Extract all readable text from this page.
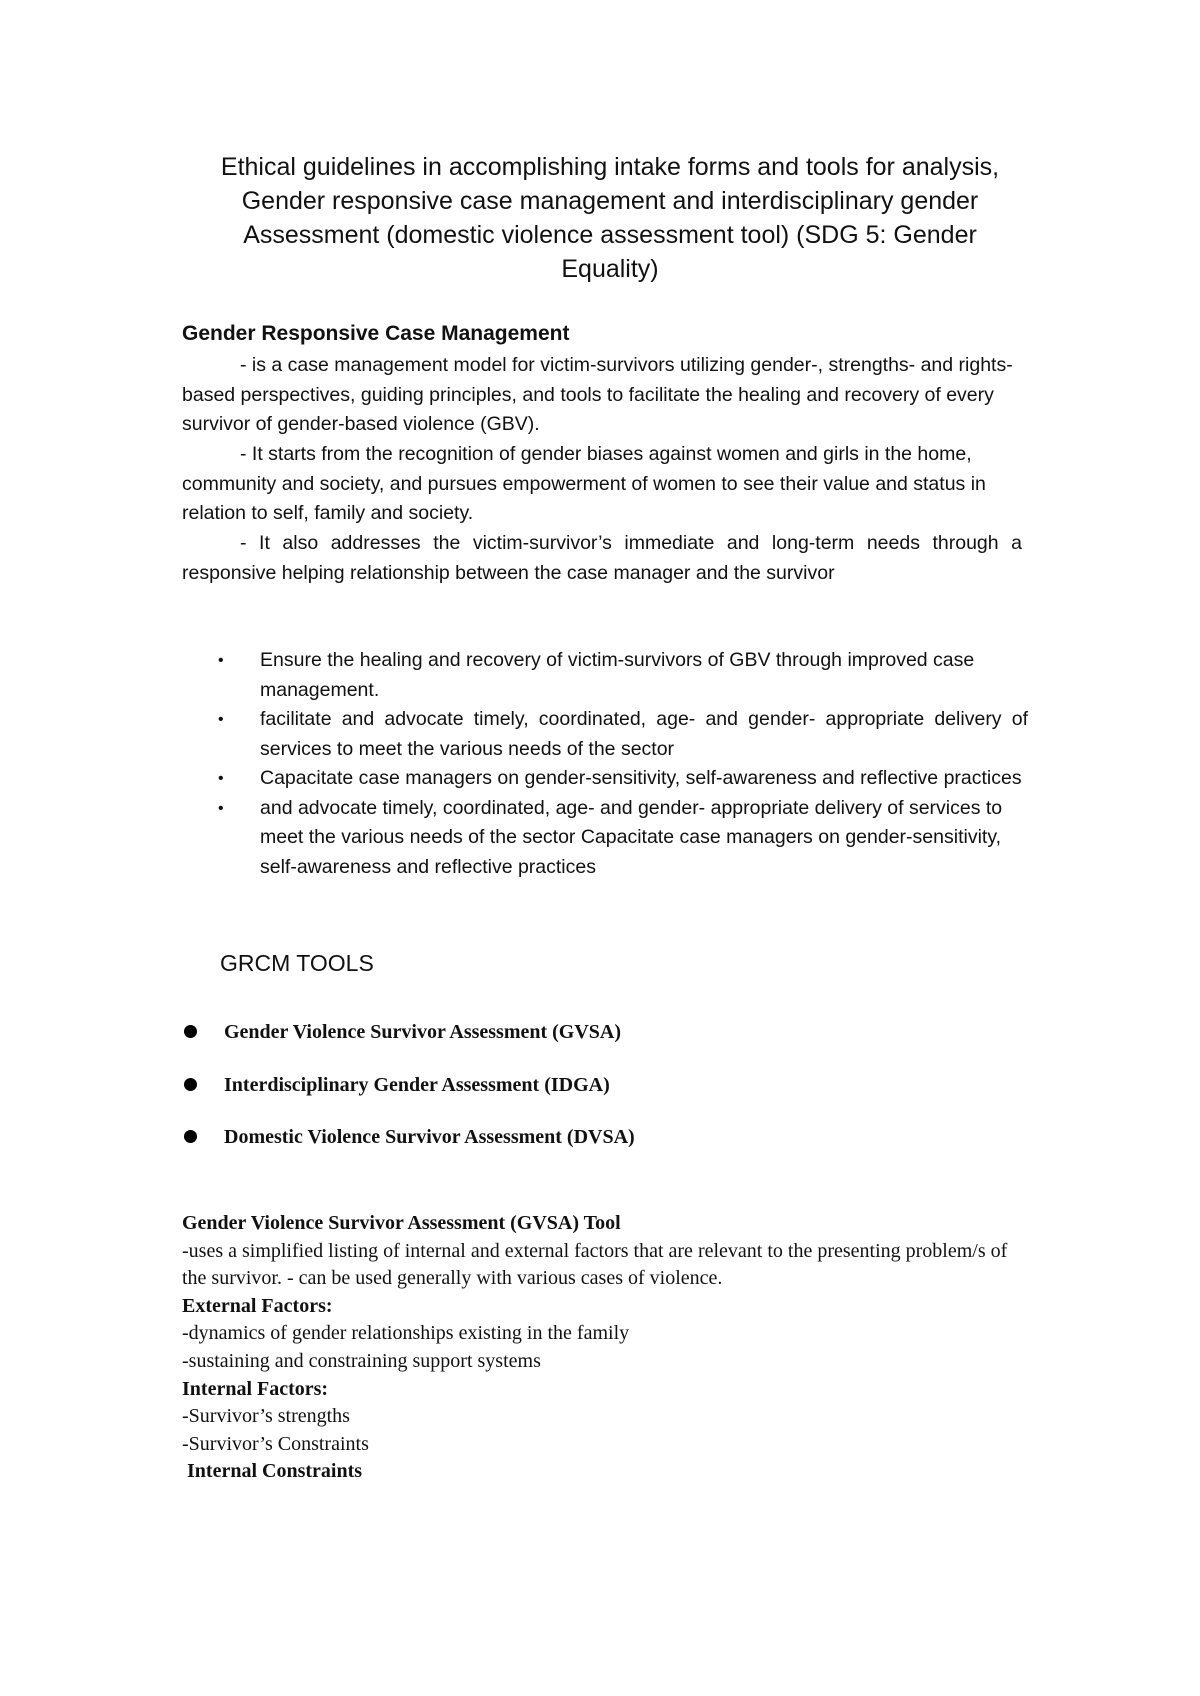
Ethical guidelines in accomplishing intake forms and tools for analysis,
Gender responsive case management and interdisciplinary gender
Assessment (domestic violence assessment tool) (SDG 5: Gender
Equality)
Gender Responsive Case Management
- is a case management model for victim-survivors utilizing gender-, strengths- and rights-based perspectives, guiding principles, and tools to facilitate the healing and recovery of every survivor of gender-based violence (GBV).
- It starts from the recognition of gender biases against women and girls in the home, community and society, and pursues empowerment of women to see their value and status in relation to self, family and society.
- It also addresses the victim-survivor’s immediate and long-term needs through a responsive helping relationship between the case manager and the survivor
• Ensure the healing and recovery of victim-survivors of GBV through improved case management.
• facilitate and advocate timely, coordinated, age- and gender- appropriate delivery of services to meet the various needs of the sector
• Capacitate case managers on gender-sensitivity, self-awareness and reflective practices
• and advocate timely, coordinated, age- and gender- appropriate delivery of services to meet the various needs of the sector Capacitate case managers on gender-sensitivity, self-awareness and reflective practices
GRCM TOOLS
Gender Violence Survivor Assessment (GVSA)
Interdisciplinary Gender Assessment (IDGA)
Domestic Violence Survivor Assessment (DVSA)
Gender Violence Survivor Assessment (GVSA) Tool
-uses a simplified listing of internal and external factors that are relevant to the presenting problem/s of the survivor. - can be used generally with various cases of violence.
External Factors:
-dynamics of gender relationships existing in the family
-sustaining and constraining support systems
Internal Factors:
-Survivor’s strengths
-Survivor’s Constraints
Internal Constraints
